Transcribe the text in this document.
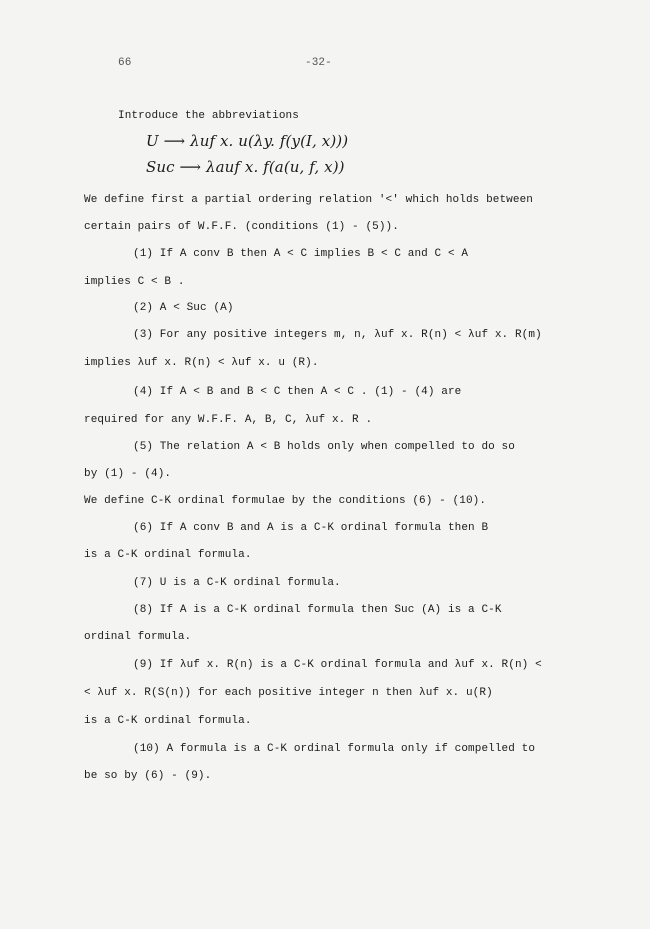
66	-32-
Introduce the abbreviations
U ⟶ λuf x. u(λy. f(y(I, x)))
Suc ⟶ λauf x. f(a(u, f, x))
We define first a partial ordering relation '<' which holds between
certain pairs of W.F.F. (conditions (1) - (5)).
(1) If A conv B then A < C implies B < C and C < A
implies C < B .
(2) A < Suc (A)
(3) For any positive integers m, n, λuf x. R(n) < λuf x. R(m)
implies λuf x. R(n) < λuf x. u (R).
(4) If A < B and B < C then A < C . (1) - (4) are
required for any W.F.F. A, B, C, λuf x. R .
(5) The relation A < B holds only when compelled to do so
by (1) - (4).
We define C-K ordinal formulae by the conditions (6) - (10).
(6) If A conv B and A is a C-K ordinal formula then B
is a C-K ordinal formula.
(7) U is a C-K ordinal formula.
(8) If A is a C-K ordinal formula then Suc (A) is a C-K
ordinal formula.
(9) If λuf x. R(n) is a C-K ordinal formula and λuf x. R(n) <
< λuf x. R(S(n)) for each positive integer n then λuf x. u(R)
is a C-K ordinal formula.
(10) A formula is a C-K ordinal formula only if compelled to
be so by (6) - (9).
